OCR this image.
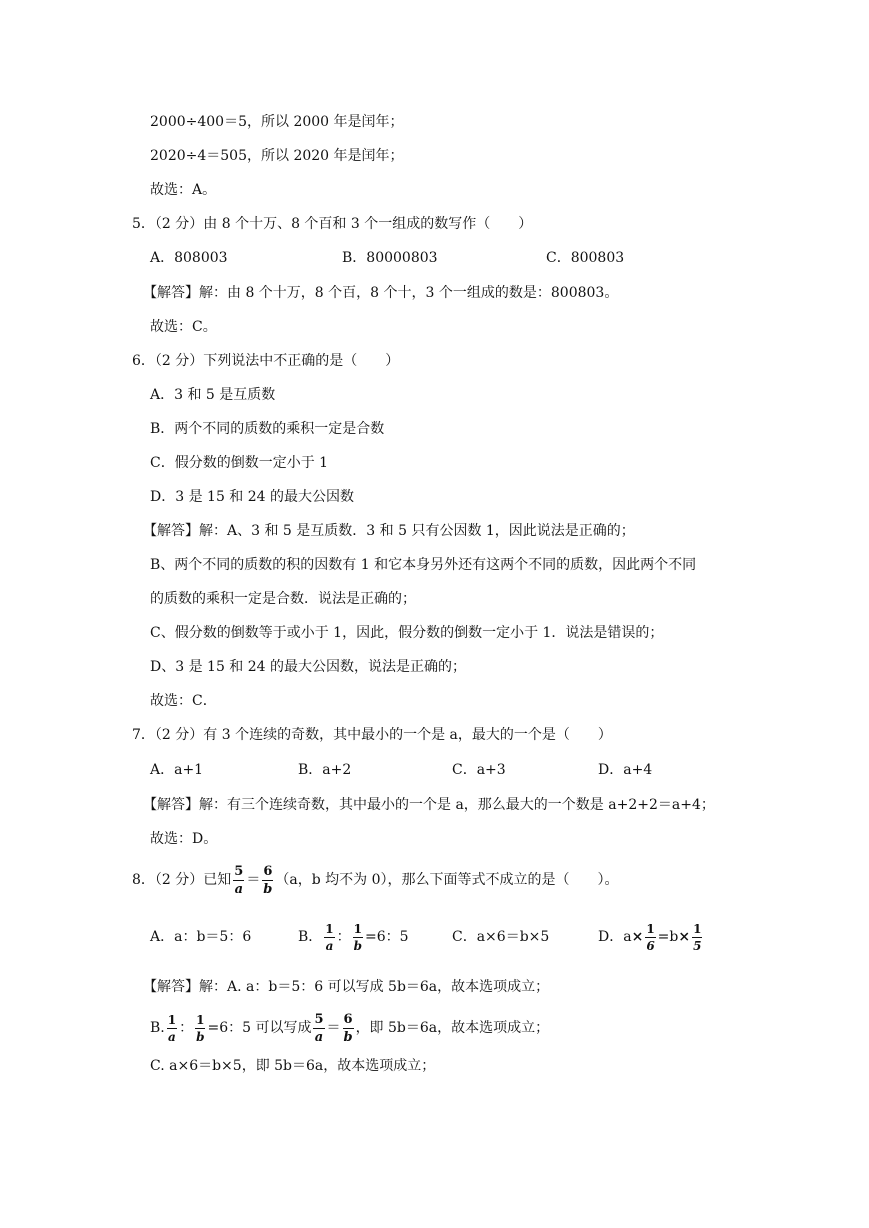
2000÷400＝5，所以 2000 年是闰年；
2020÷4＝505，所以 2020 年是闰年；
故选：A。
5．（2 分）由 8 个十万、8 个百和 3 个一组成的数写作（　　）
A．808003	B．80000803	C．800803
【解答】解：由 8 个十万，8 个百，8 个十，3 个一组成的数是：800803。
故选：C。
6．（2 分）下列说法中不正确的是（　　）
A．3 和 5 是互质数
B．两个不同的质数的乘积一定是合数
C．假分数的倒数一定小于 1
D．3 是 15 和 24 的最大公因数
【解答】解：A、3 和 5 是互质数．3 和 5 只有公因数 1，因此说法是正确的；
B、两个不同的质数的积的因数有 1 和它本身另外还有这两个不同的质数，因此两个不同
的质数的乘积一定是合数．说法是正确的；
C、假分数的倒数等于或小于 1，因此，假分数的倒数一定小于 1．说法是错误的；
D、3 是 15 和 24 的最大公因数，说法是正确的；
故选：C．
7．（2 分）有 3 个连续的奇数，其中最小的一个是 a，最大的一个是（　　）
A．a+1	B．a+2	C．a+3	D．a+4
【解答】解：有三个连续奇数，其中最小的一个是 a，那么最大的一个数是 a+2+2＝a+4；
故选：D。
8．（2 分）已知 $\frac{5}{a} = \frac{6}{b} (a$，b 均不为 0），那么下面等式不成立的是（　　）。
A．a：b＝5：6	B． $\frac{1}{a}$ ： $\frac{1}{b} =6$：5	C．a×6＝b×5	D．$a\times \frac{1}{6} =b\times \frac{1}{5}$
【解答】解：A. a：b＝5：6 可以写成 5b＝6a，故本选项成立；
B. $\frac{1}{a}$ ： $\frac{1}{b} =6$：5 可以写成 $\frac{5}{a} = \frac{6}{b}$ ，即 5b＝6a，故本选项成立；
C. a×6＝b×5，即 5b＝6a，故本选项成立；
